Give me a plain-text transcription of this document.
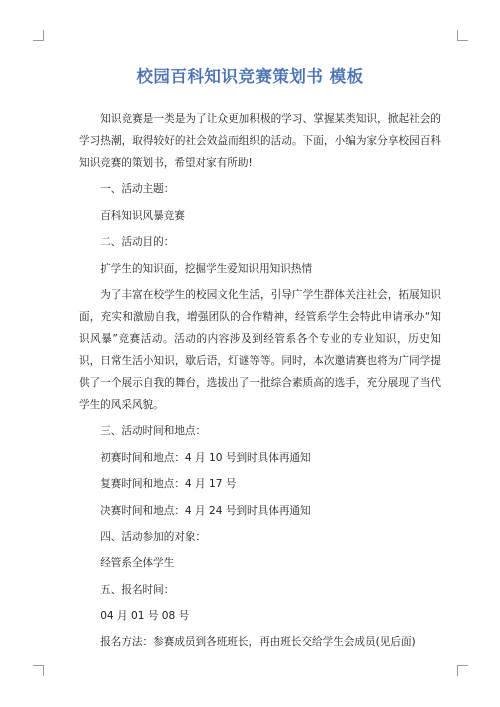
校园百科知识竞赛策划书 模板

知识竞赛是一类是为了让众更加积极的学习、掌握某类知识，掀起社会的学习热潮，取得较好的社会效益而组织的活动。下面，小编为家分享校园百科知识竞赛的策划书，希望对家有所助!

一、活动主题：

百科知识风暴竞赛

二、活动目的：

扩学生的知识面，挖掘学生爱知识用知识热情

为了丰富在校学生的校园文化生活，引导广学生群体关注社会，拓展知识面，充实和激励自我，增强团队的合作精神，经管系学生会特此申请承办“知识风暴”竞赛活动。活动的内容涉及到经管系各个专业的专业知识，历史知识，日常生活小知识，歇后语，灯谜等等。同时，本次邀请赛也将为广同学提供了一个展示自我的舞台，选拔出了一批综合素质高的选手，充分展现了当代学生的风采风貌。

三、活动时间和地点：

初赛时间和地点：4 月 10 号到时具体再通知

复赛时间和地点：4 月 17 号

决赛时间和地点：4 月 24 号到时具体再通知

四、活动参加的对象：

经管系全体学生

五、报名时间：

04 月 01 号 08 号

报名方法：参赛成员到各班班长，再由班长交给学生会成员(见后面)
